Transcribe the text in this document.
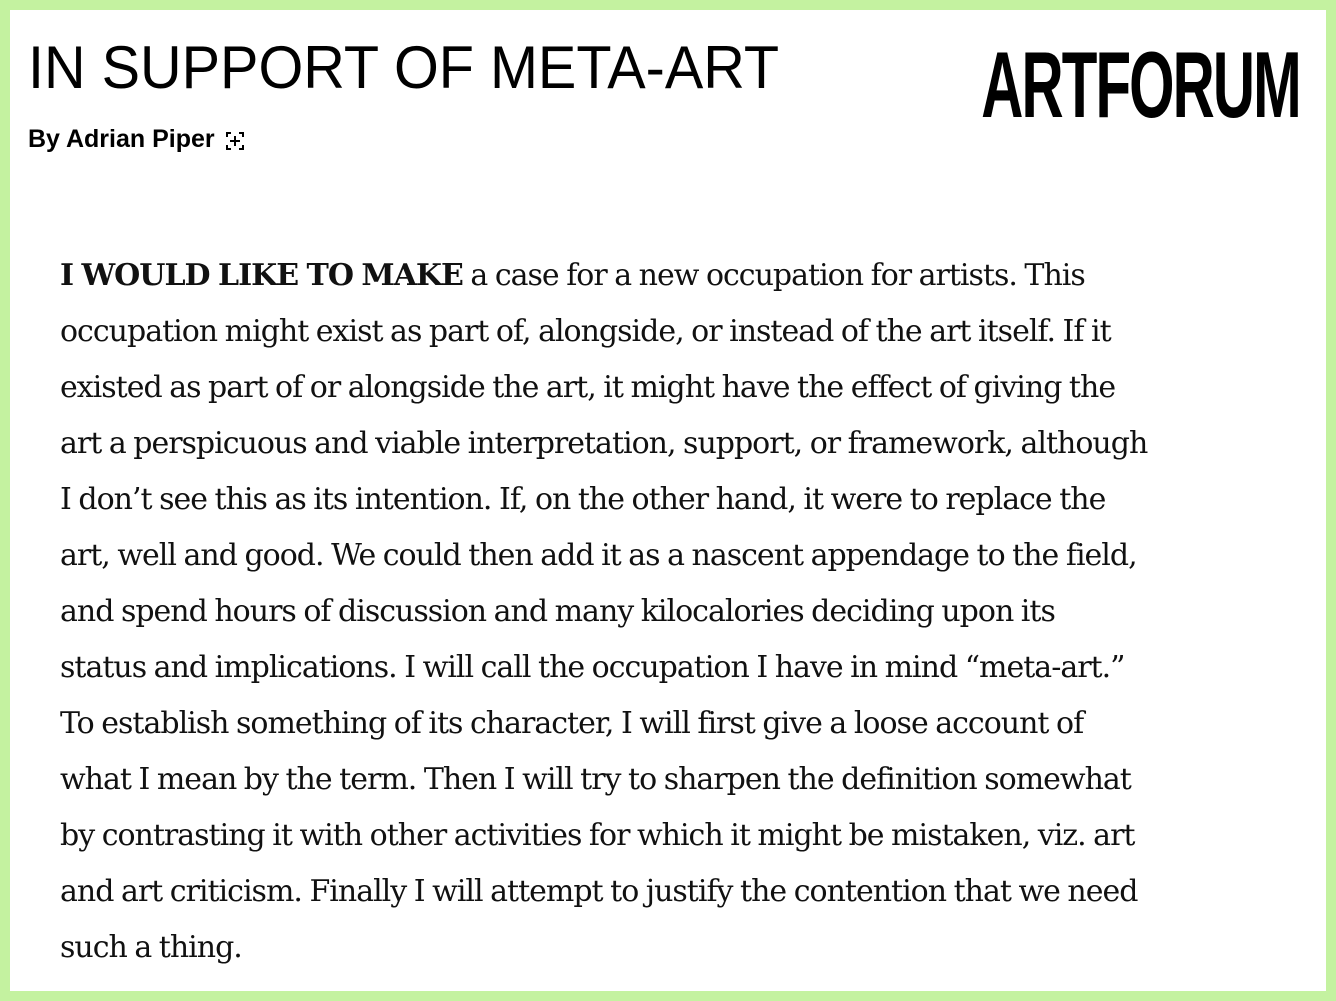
IN SUPPORT OF META-ART ARTFORUM
By Adrian Piper
I WOULD LIKE TO MAKE a case for a new occupation for artists. This
occupation might exist as part of, alongside, or instead of the art itself. If it
existed as part of or alongside the art, it might have the effect of giving the
art a perspicuous and viable interpretation, support, or framework, although
I don’t see this as its intention. If, on the other hand, it were to replace the
art, well and good. We could then add it as a nascent appendage to the field,
and spend hours of discussion and many kilocalories deciding upon its
status and implications. I will call the occupation I have in mind “meta-art.”
To establish something of its character, I will first give a loose account of
what I mean by the term. Then I will try to sharpen the definition somewhat
by contrasting it with other activities for which it might be mistaken, viz. art
and art criticism. Finally I will attempt to justify the contention that we need
such a thing.
